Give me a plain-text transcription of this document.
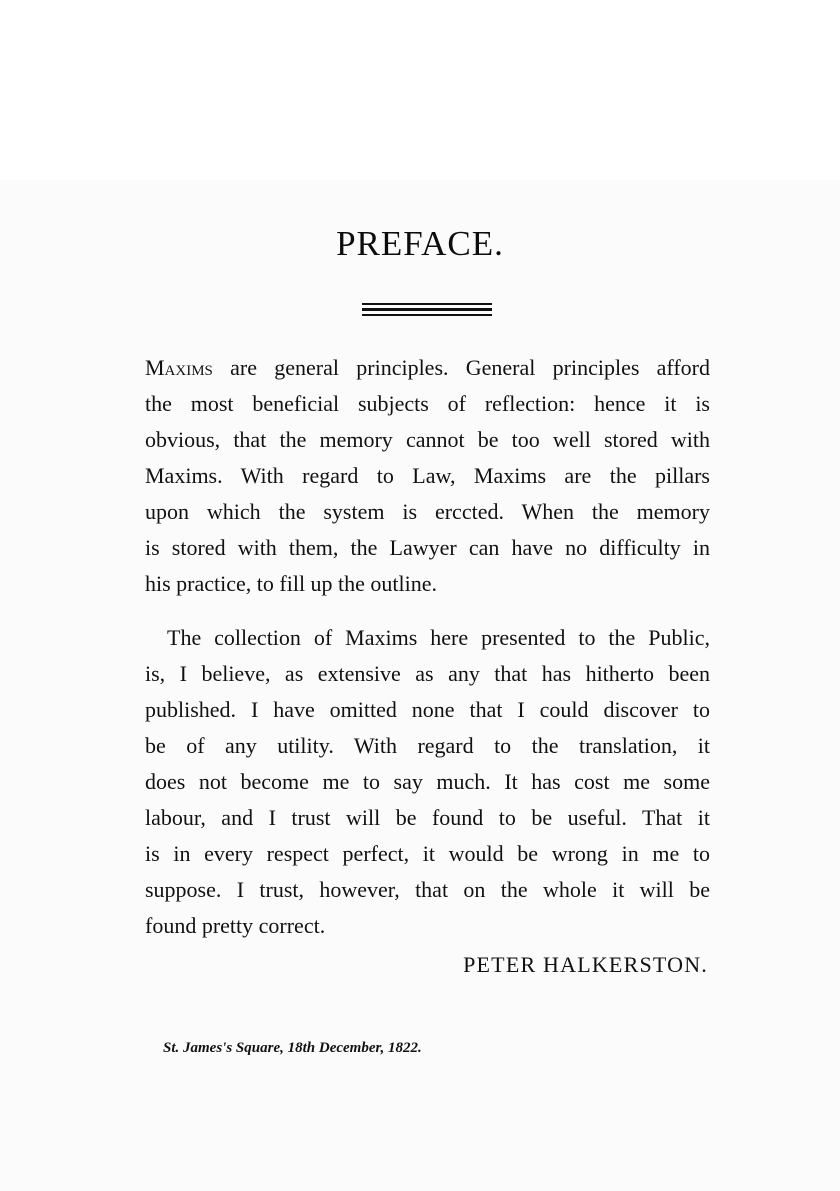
PREFACE.
Maxims are general principles. General principles afford
the most beneficial subjects of reflection: hence it is
obvious, that the memory cannot be too well stored with
Maxims. With regard to Law, Maxims are the pillars
upon which the system is erccted. When the memory
is stored with them, the Lawyer can have no difficulty in
his practice, to fill up the outline.
The collection of Maxims here presented to the Public,
is, I believe, as extensive as any that has hitherto been
published. I have omitted none that I could discover to
be of any utility. With regard to the translation, it
does not become me to say much. It has cost me some
labour, and I trust will be found to be useful. That it
is in every respect perfect, it would be wrong in me to
suppose. I trust, however, that on the whole it will be
found pretty correct.
PETER HALKERSTON.
St. James's Square, 18th December, 1822.
